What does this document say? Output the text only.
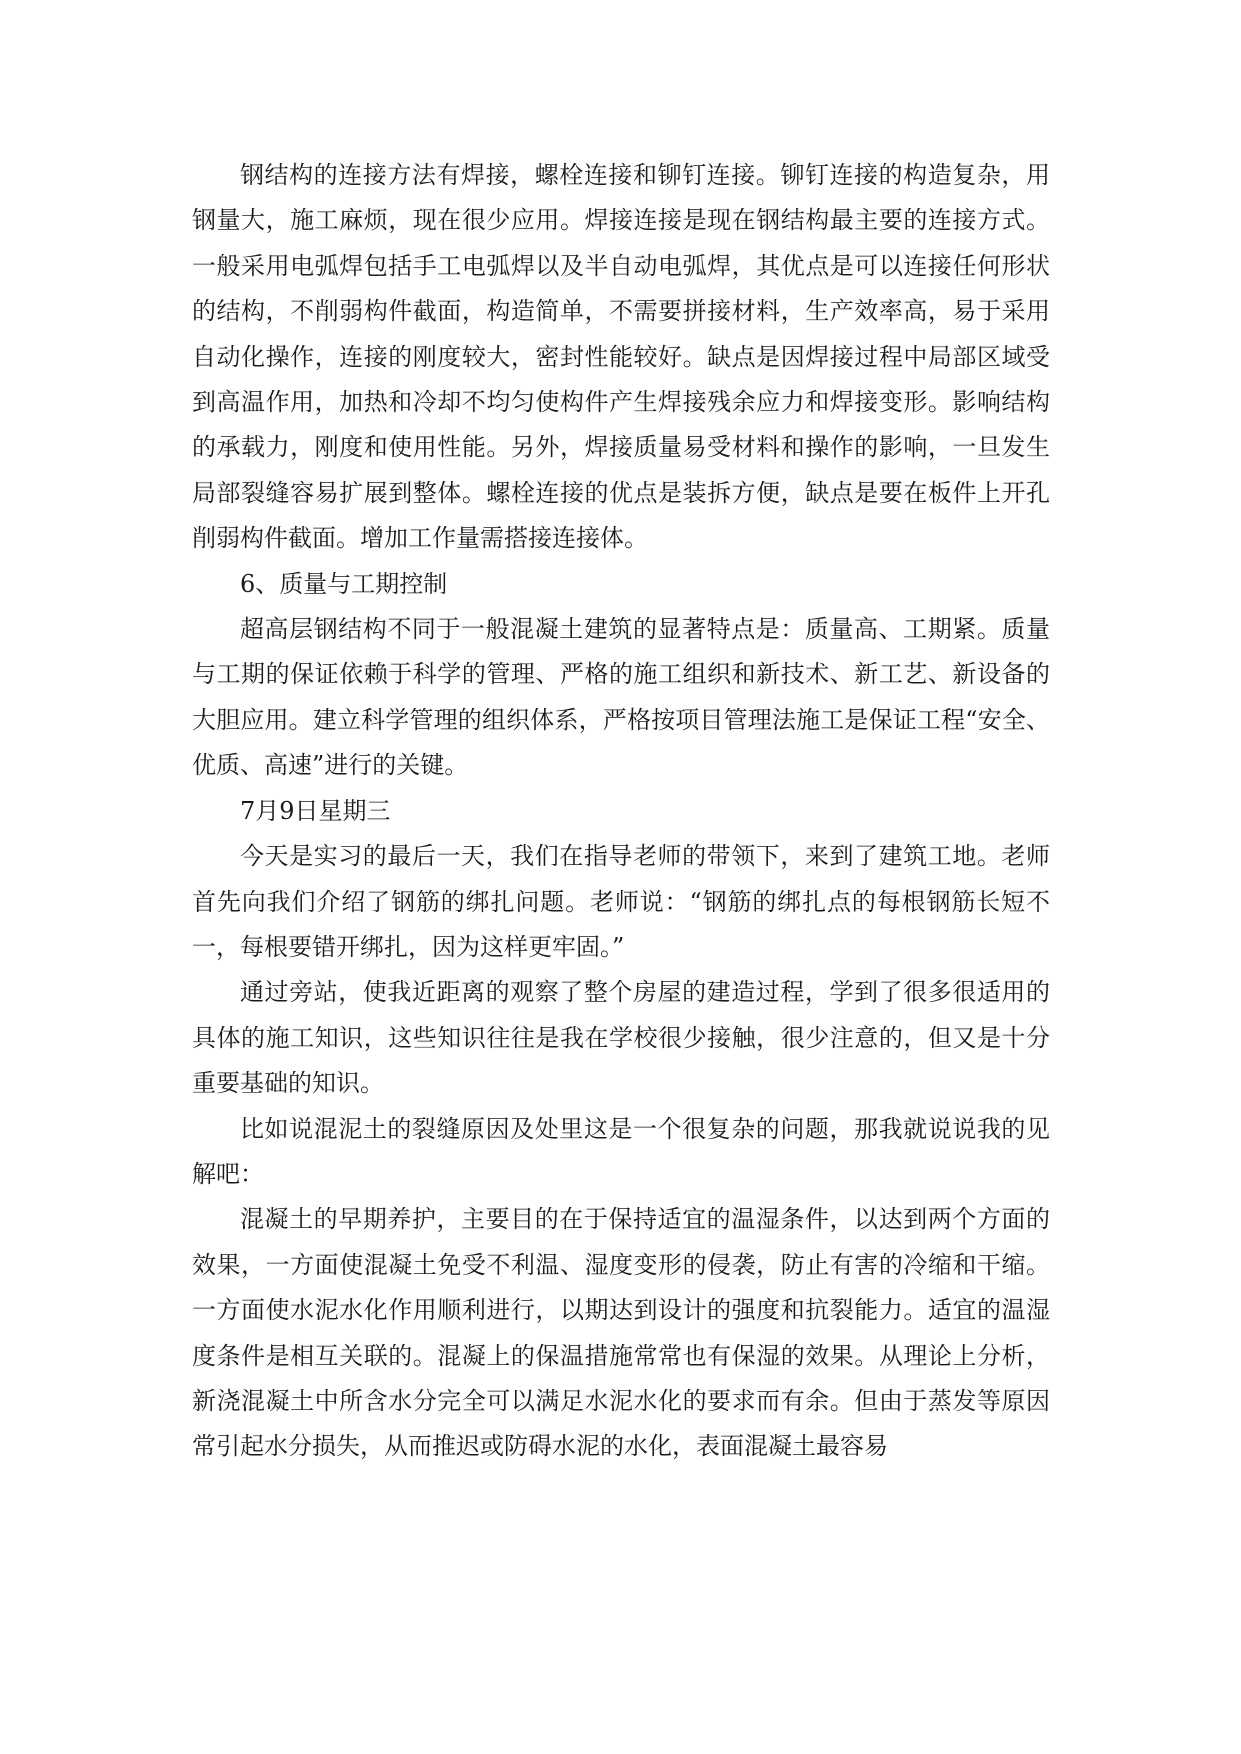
钢结构的连接方法有焊接，螺栓连接和铆钉连接。铆钉连接的构造复杂，用钢量大，施工麻烦，现在很少应用。焊接连接是现在钢结构最主要的连接方式。一般采用电弧焊包括手工电弧焊以及半自动电弧焊，其优点是可以连接任何形状的结构，不削弱构件截面，构造简单，不需要拼接材料，生产效率高，易于采用自动化操作，连接的刚度较大，密封性能较好。缺点是因焊接过程中局部区域受到高温作用，加热和冷却不均匀使构件产生焊接残余应力和焊接变形。影响结构的承载力，刚度和使用性能。另外，焊接质量易受材料和操作的影响，一旦发生局部裂缝容易扩展到整体。螺栓连接的优点是装拆方便，缺点是要在板件上开孔削弱构件截面。增加工作量需搭接连接体。

6、质量与工期控制

超高层钢结构不同于一般混凝土建筑的显著特点是：质量高、工期紧。质量与工期的保证依赖于科学的管理、严格的施工组织和新技术、新工艺、新设备的大胆应用。建立科学管理的组织体系，严格按项目管理法施工是保证工程“安全、优质、高速”进行的关键。

7月9日星期三

今天是实习的最后一天，我们在指导老师的带领下，来到了建筑工地。老师首先向我们介绍了钢筋的绑扎问题。老师说：“钢筋的绑扎点的每根钢筋长短不一，每根要错开绑扎，因为这样更牢固。”

通过旁站，使我近距离的观察了整个房屋的建造过程，学到了很多很适用的具体的施工知识，这些知识往往是我在学校很少接触，很少注意的，但又是十分重要基础的知识。

比如说混泥土的裂缝原因及处里这是一个很复杂的问题，那我就说说我的见解吧：

混凝土的早期养护，主要目的在于保持适宜的温湿条件，以达到两个方面的效果，一方面使混凝土免受不利温、湿度变形的侵袭，防止有害的冷缩和干缩。一方面使水泥水化作用顺利进行，以期达到设计的强度和抗裂能力。适宜的温湿度条件是相互关联的。混凝上的保温措施常常也有保湿的效果。从理论上分析，新浇混凝土中所含水分完全可以满足水泥水化的要求而有余。但由于蒸发等原因常引起水分损失，从而推迟或防碍水泥的水化，表面混凝土最容易
